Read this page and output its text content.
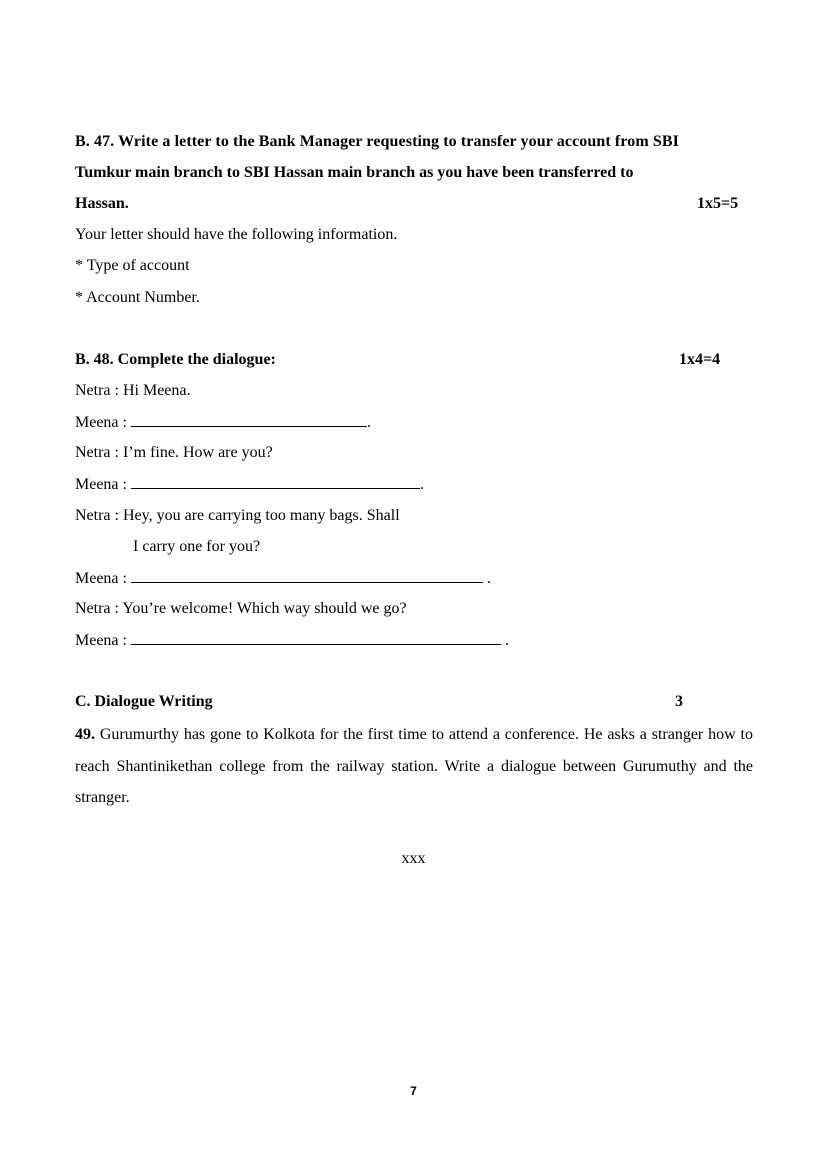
B. 47. Write a letter to the Bank Manager requesting to transfer your account from SBI
Tumkur main branch to SBI Hassan main branch as you have been transferred to
Hassan.	1x5=5
Your letter should have the following information.
* Type of account
* Account Number.
B. 48. Complete the dialogue:	1x4=4
Netra : Hi Meena.
Meena :	.
Netra : I’m fine. How are you?
Meena :	.
Netra : Hey, you are carrying too many bags. Shall
I carry one for you?
Meena :	.
Netra : You’re welcome! Which way should we go?
Meena :	.
C. Dialogue Writing	3
49. Gurumurthy has gone to Kolkota for the first time to attend a conference. He asks a stranger how to reach Shantinikethan college from the railway station. Write a dialogue between Gurumuthy and the stranger.
xxx
7
